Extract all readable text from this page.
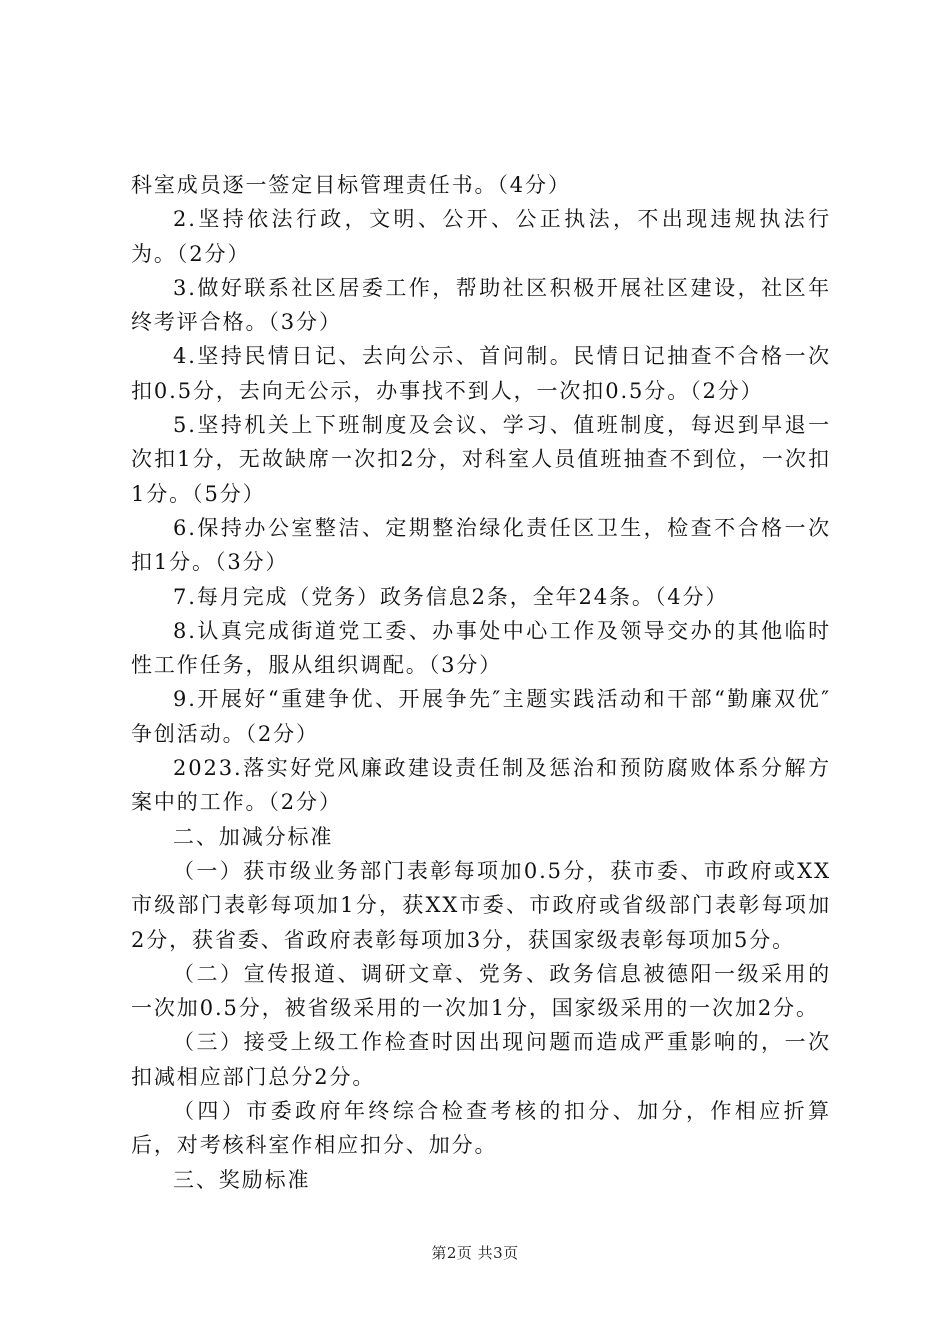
科室成员逐一签定目标管理责任书。（4分）

2.坚持依法行政，文明、公开、公正执法，不出现违规执法行为。（2分）

3.做好联系社区居委工作，帮助社区积极开展社区建设，社区年终考评合格。（3分）

4.坚持民情日记、去向公示、首问制。民情日记抽查不合格一次扣0.5分，去向无公示，办事找不到人，一次扣0.5分。（2分）

5.坚持机关上下班制度及会议、学习、值班制度，每迟到早退一次扣1分，无故缺席一次扣2分，对科室人员值班抽查不到位，一次扣1分。（5分）

6.保持办公室整洁、定期整治绿化责任区卫生，检查不合格一次扣1分。（3分）

7.每月完成（党务）政务信息2条，全年24条。（4分）

8.认真完成街道党工委、办事处中心工作及领导交办的其他临时性工作任务，服从组织调配。（3分）

9.开展好“重建争优、开展争先″主题实践活动和干部“勤廉双优″争创活动。（2分）

2023.落实好党风廉政建设责任制及惩治和预防腐败体系分解方案中的工作。（2分）

二、加减分标准

（一）获市级业务部门表彰每项加0.5分，获市委、市政府或XX市级部门表彰每项加1分，获XX市委、市政府或省级部门表彰每项加2分，获省委、省政府表彰每项加3分，获国家级表彰每项加5分。

（二）宣传报道、调研文章、党务、政务信息被德阳一级采用的一次加0.5分，被省级采用的一次加1分，国家级采用的一次加2分。

（三）接受上级工作检查时因出现问题而造成严重影响的，一次扣减相应部门总分2分。

（四）市委政府年终综合检查考核的扣分、加分，作相应折算后，对考核科室作相应扣分、加分。

三、奖励标准

第2页 共3页
